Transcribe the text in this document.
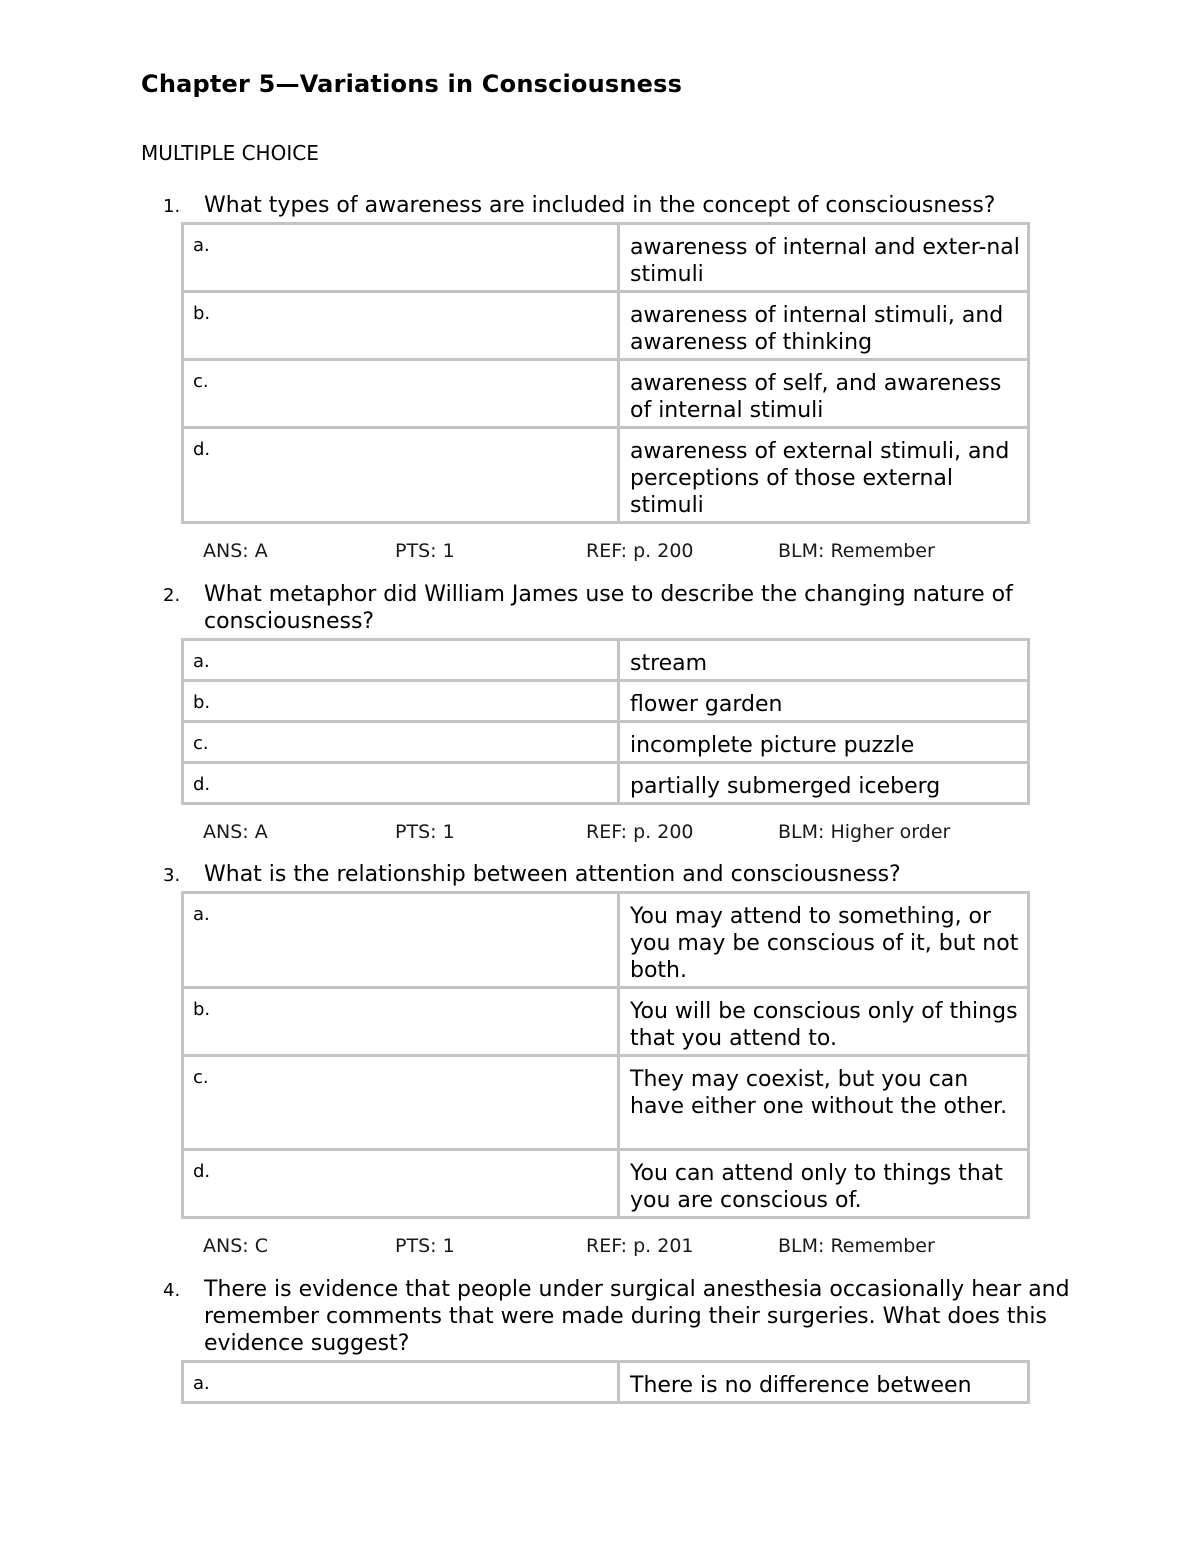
Chapter 5—Variations in Consciousness
MULTIPLE CHOICE
1. What types of awareness are included in the concept of consciousness?
a.	awareness of internal and exter-nal stimuli
b.	awareness of internal stimuli, and awareness of thinking
c.	awareness of self, and awareness of internal stimuli
d.	awareness of external stimuli, and perceptions of those external stimuli
ANS: A	PTS: 1	REF: p. 200	BLM: Remember
2. What metaphor did William James use to describe the changing nature of consciousness?
a.	stream
b.	flower garden
c.	incomplete picture puzzle
d.	partially submerged iceberg
ANS: A	PTS: 1	REF: p. 200	BLM: Higher order
3. What is the relationship between attention and consciousness?
a.	You may attend to something, or you may be conscious of it, but not both.
b.	You will be conscious only of things that you attend to.
c.	They may coexist, but you can have either one without the other.
d.	You can attend only to things that you are conscious of.
ANS: C	PTS: 1	REF: p. 201	BLM: Remember
4. There is evidence that people under surgical anesthesia occasionally hear and remember comments that were made during their surgeries. What does this evidence suggest?
a.	There is no difference between
